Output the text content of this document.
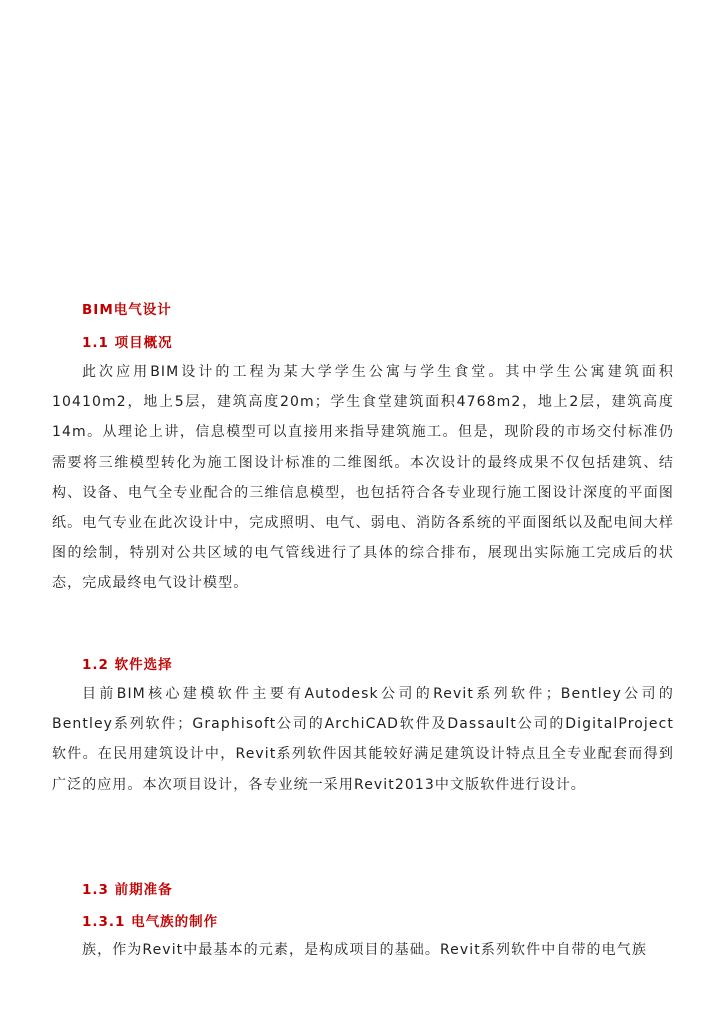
BIM电气设计
1.1 项目概况

此次应用BIM设计的工程为某大学学生公寓与学生食堂。其中学生公寓建筑面积10410m2，地上5层，建筑高度20m；学生食堂建筑面积4768m2，地上2层，建筑高度14m。从理论上讲，信息模型可以直接用来指导建筑施工。但是，现阶段的市场交付标准仍需要将三维模型转化为施工图设计标准的二维图纸。本次设计的最终成果不仅包括建筑、结构、设备、电气全专业配合的三维信息模型，也包括符合各专业现行施工图设计深度的平面图纸。电气专业在此次设计中，完成照明、电气、弱电、消防各系统的平面图纸以及配电间大样图的绘制，特别对公共区域的电气管线进行了具体的综合排布，展现出实际施工完成后的状态，完成最终电气设计模型。

1.2 软件选择

目前BIM核心建模软件主要有Autodesk公司的Revit系列软件；Bentley公司的Bentley系列软件；Graphisoft公司的ArchiCAD软件及Dassault公司的DigitalProject软件。在民用建筑设计中，Revit系列软件因其能较好满足建筑设计特点且全专业配套而得到广泛的应用。本次项目设计，各专业统一采用Revit2013中文版软件进行设计。

1.3 前期准备
1.3.1 电气族的制作

族，作为Revit中最基本的元素，是构成项目的基础。Revit系列软件中自带的电气族
